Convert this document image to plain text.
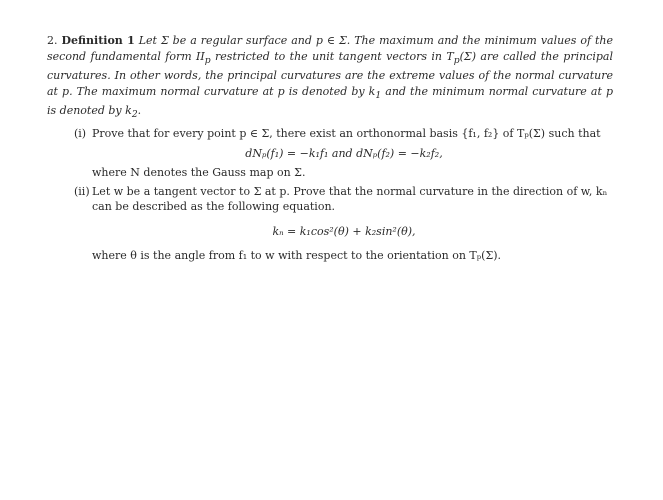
2. Definition 1 Let Σ be a regular surface and p ∈ Σ. The maximum and the minimum values of the second fundamental form $II_p$ restricted to the unit tangent vectors in $T_p(\Sigma)$ are called the principal curvatures. In other words, the principal curvatures are the extreme values of the normal curvature at p. The maximum normal curvature at p is denoted by $k_1$ and the minimum normal curvature at p is denoted by $k_2$.
(i) Prove that for every point p ∈ Σ, there exist an orthonormal basis {f₁, f₂} of Tₚ(Σ) such that
dNₚ(f₁) = −k₁f₁ and dNₚ(f₂) = −k₂f₂,
where N denotes the Gauss map on Σ.
(ii) Let w be a tangent vector to Σ at p. Prove that the normal curvature in the direction of w, kₙ
can be described as the following equation.
kₙ = k₁cos²(θ) + k₂sin²(θ),
where θ is the angle from f₁ to w with respect to the orientation on Tₚ(Σ).
